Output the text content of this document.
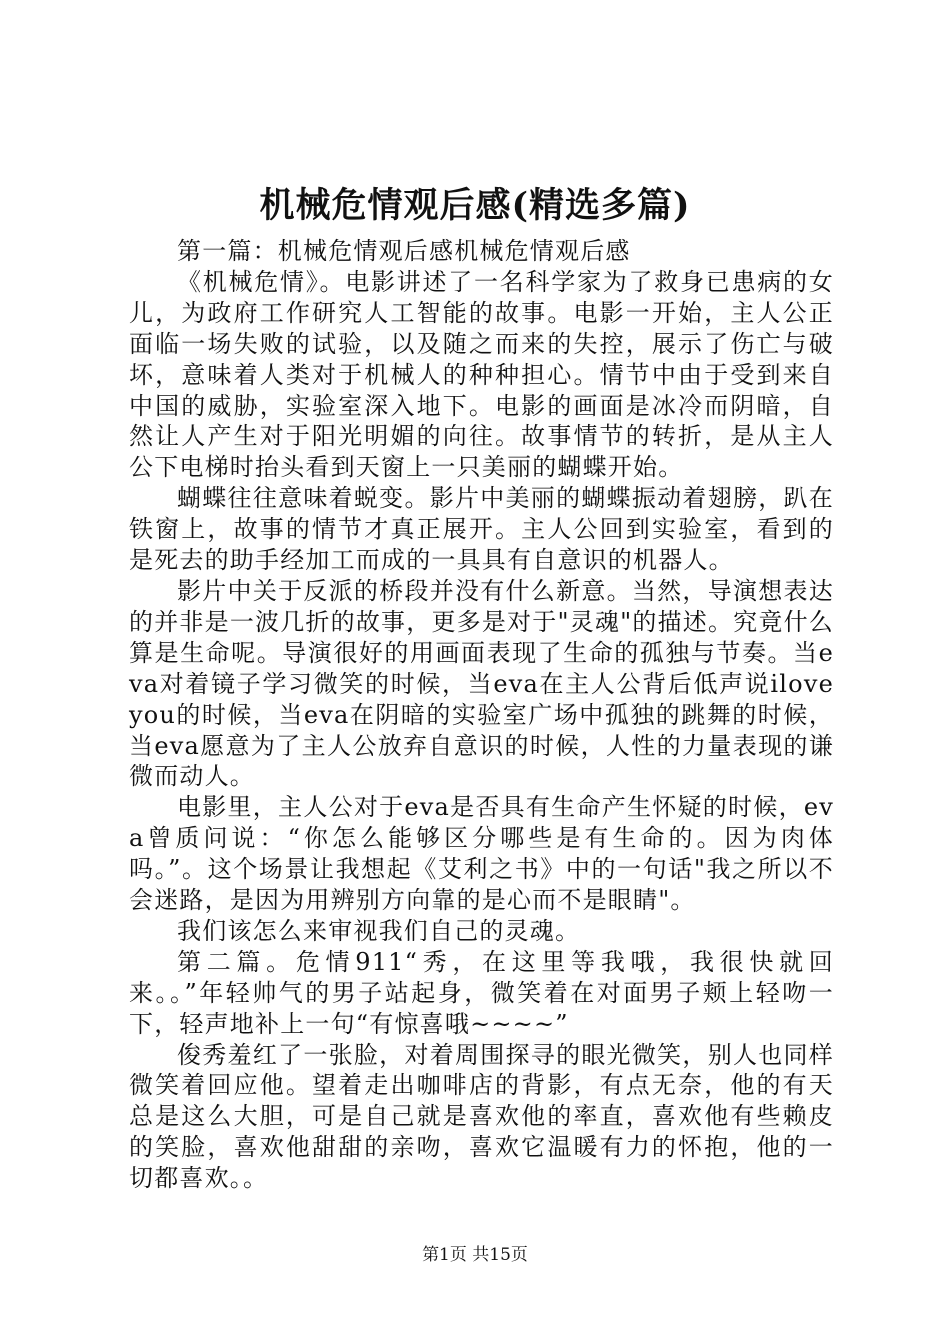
机械危情观后感(精选多篇)

第一篇：机械危情观后感机械危情观后感

《机械危情》。电影讲述了一名科学家为了救身已患病的女儿，为政府工作研究人工智能的故事。电影一开始，主人公正面临一场失败的试验，以及随之而来的失控，展示了伤亡与破坏，意味着人类对于机械人的种种担心。情节中由于受到来自中国的威胁，实验室深入地下。电影的画面是冰冷而阴暗，自然让人产生对于阳光明媚的向往。故事情节的转折，是从主人公下电梯时抬头看到天窗上一只美丽的蝴蝶开始。

蝴蝶往往意味着蜕变。影片中美丽的蝴蝶振动着翅膀，趴在铁窗上，故事的情节才真正展开。主人公回到实验室，看到的是死去的助手经加工而成的一具具有自意识的机器人。

影片中关于反派的桥段并没有什么新意。当然，导演想表达的并非是一波几折的故事，更多是对于"灵魂"的描述。究竟什么算是生命呢。导演很好的用画面表现了生命的孤独与节奏。当eva对着镜子学习微笑的时候，当eva在主人公背后低声说iloveyou的时候，当eva在阴暗的实验室广场中孤独的跳舞的时候，当eva愿意为了主人公放弃自意识的时候，人性的力量表现的谦微而动人。

电影里，主人公对于eva是否具有生命产生怀疑的时候，eva曾质问说：“你怎么能够区分哪些是有生命的。因为肉体吗。”。这个场景让我想起《艾利之书》中的一句话"我之所以不会迷路，是因为用辨别方向靠的是心而不是眼睛"。

我们该怎么来审视我们自己的灵魂。

第二篇。危情911“秀，在这里等我哦，我很快就回来。。”年轻帅气的男子站起身，微笑着在对面男子颊上轻吻一下，轻声地补上一句“有惊喜哦~~~~”

俊秀羞红了一张脸，对着周围探寻的眼光微笑，别人也同样微笑着回应他。望着走出咖啡店的背影，有点无奈，他的有天总是这么大胆，可是自己就是喜欢他的率直，喜欢他有些赖皮的笑脸，喜欢他甜甜的亲吻，喜欢它温暖有力的怀抱，他的一切都喜欢。。

第1页 共15页
